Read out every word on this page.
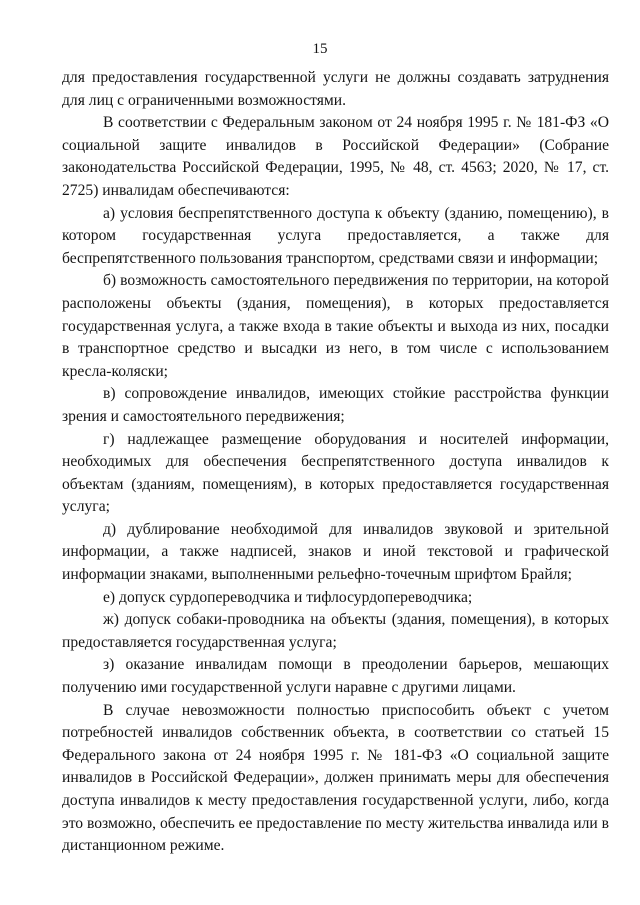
15

для предоставления государственной услуги не должны создавать затруднения для лиц с ограниченными возможностями.

В соответствии с Федеральным законом от 24 ноября 1995 г. № 181-ФЗ «О социальной защите инвалидов в Российской Федерации» (Собрание законодательства Российской Федерации, 1995, № 48, ст. 4563; 2020, № 17, ст. 2725) инвалидам обеспечиваются:

а) условия беспрепятственного доступа к объекту (зданию, помещению), в котором государственная услуга предоставляется, а также для беспрепятственного пользования транспортом, средствами связи и информации;

б) возможность самостоятельного передвижения по территории, на которой расположены объекты (здания, помещения), в которых предоставляется государственная услуга, а также входа в такие объекты и выхода из них, посадки в транспортное средство и высадки из него, в том числе с использованием кресла-коляски;

в) сопровождение инвалидов, имеющих стойкие расстройства функции зрения и самостоятельного передвижения;

г) надлежащее размещение оборудования и носителей информации, необходимых для обеспечения беспрепятственного доступа инвалидов к объектам (зданиям, помещениям), в которых предоставляется государственная услуга;

д) дублирование необходимой для инвалидов звуковой и зрительной информации, а также надписей, знаков и иной текстовой и графической информации знаками, выполненными рельефно-точечным шрифтом Брайля;

е) допуск сурдопереводчика и тифлосурдопереводчика;

ж) допуск собаки-проводника на объекты (здания, помещения), в которых предоставляется государственная услуга;

з) оказание инвалидам помощи в преодолении барьеров, мешающих получению ими государственной услуги наравне с другими лицами.

В случае невозможности полностью приспособить объект с учетом потребностей инвалидов собственник объекта, в соответствии со статьей 15 Федерального закона от 24 ноября 1995 г. № 181-ФЗ «О социальной защите инвалидов в Российской Федерации», должен принимать меры для обеспечения доступа инвалидов к месту предоставления государственной услуги, либо, когда это возможно, обеспечить ее предоставление по месту жительства инвалида или в дистанционном режиме.
